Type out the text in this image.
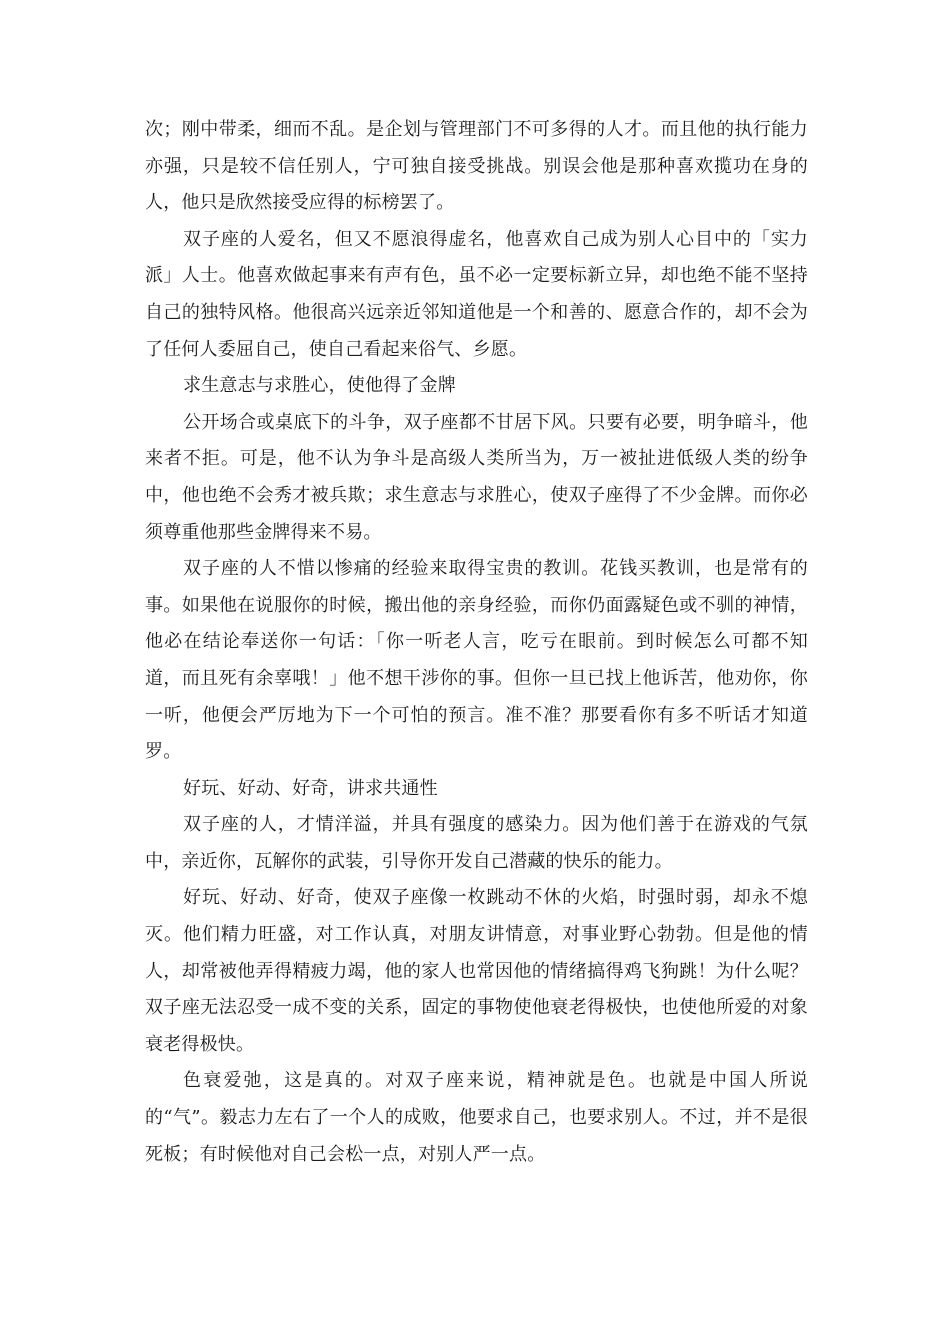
次；刚中带柔，细而不乱。是企划与管理部门不可多得的人才。而且他的执行能力亦强，只是较不信任别人，宁可独自接受挑战。别误会他是那种喜欢揽功在身的人，他只是欣然接受应得的标榜罢了。

双子座的人爱名，但又不愿浪得虚名，他喜欢自己成为别人心目中的「实力派」人士。他喜欢做起事来有声有色，虽不必一定要标新立异，却也绝不能不坚持自己的独特风格。他很高兴远亲近邻知道他是一个和善的、愿意合作的，却不会为了任何人委屈自己，使自己看起来俗气、乡愿。

求生意志与求胜心，使他得了金牌

公开场合或桌底下的斗争，双子座都不甘居下风。只要有必要，明争暗斗，他来者不拒。可是，他不认为争斗是高级人类所当为，万一被扯进低级人类的纷争中，他也绝不会秀才被兵欺；求生意志与求胜心，使双子座得了不少金牌。而你必须尊重他那些金牌得来不易。

双子座的人不惜以惨痛的经验来取得宝贵的教训。花钱买教训，也是常有的事。如果他在说服你的时候，搬出他的亲身经验，而你仍面露疑色或不驯的神情，他必在结论奉送你一句话：「你一听老人言，吃亏在眼前。到时候怎么可都不知道，而且死有余辜哦！」他不想干涉你的事。但你一旦已找上他诉苦，他劝你，你一听，他便会严厉地为下一个可怕的预言。准不准？那要看你有多不听话才知道罗。

好玩、好动、好奇，讲求共通性

双子座的人，才情洋溢，并具有强度的感染力。因为他们善于在游戏的气氛中，亲近你，瓦解你的武装，引导你开发自己潜藏的快乐的能力。

好玩、好动、好奇，使双子座像一枚跳动不休的火焰，时强时弱，却永不熄灭。他们精力旺盛，对工作认真，对朋友讲情意，对事业野心勃勃。但是他的情人，却常被他弄得精疲力竭，他的家人也常因他的情绪搞得鸡飞狗跳！为什么呢？双子座无法忍受一成不变的关系，固定的事物使他衰老得极快，也使他所爱的对象衰老得极快。

色衰爱弛，这是真的。对双子座来说，精神就是色。也就是中国人所说的“气”。毅志力左右了一个人的成败，他要求自己，也要求别人。不过，并不是很死板；有时候他对自己会松一点，对别人严一点。
